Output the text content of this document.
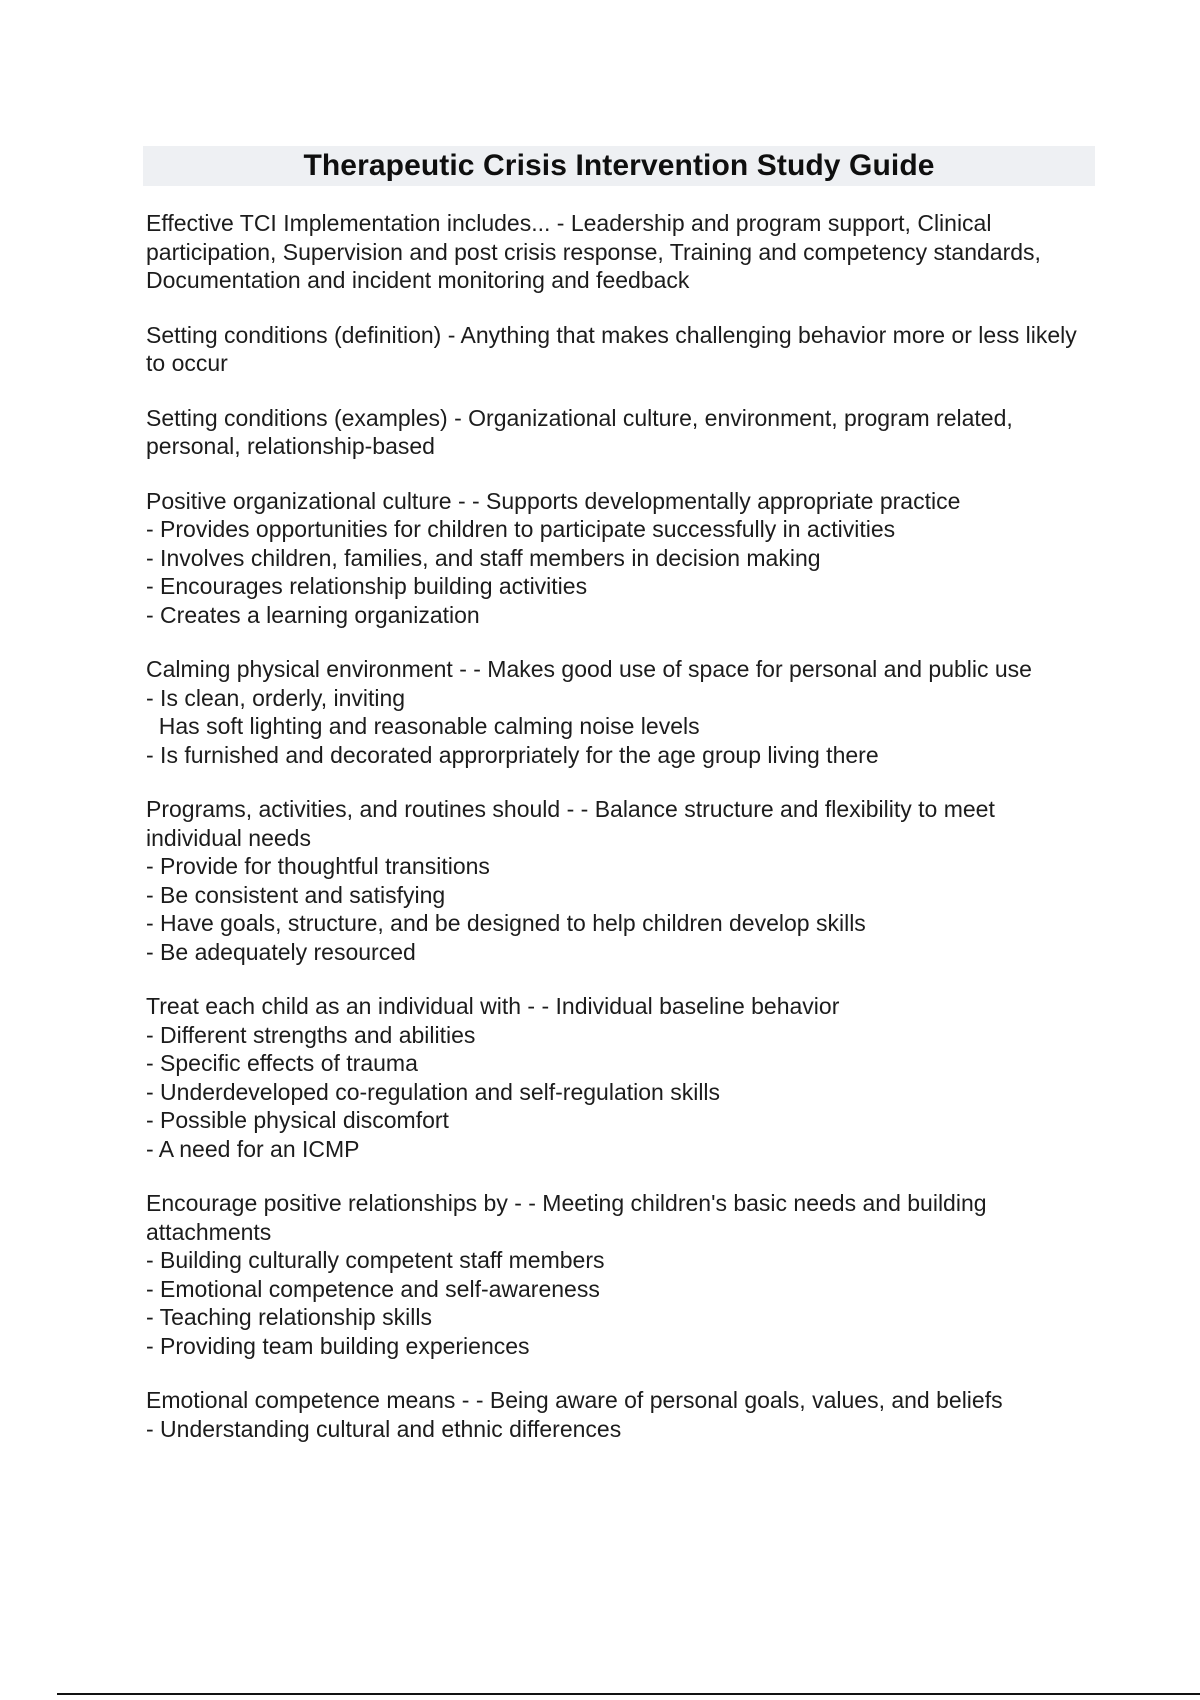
Therapeutic Crisis Intervention Study Guide
Effective TCI Implementation includes... - Leadership and program support, Clinical participation, Supervision and post crisis response, Training and competency standards, Documentation and incident monitoring and feedback
Setting conditions (definition) - Anything that makes challenging behavior more or less likely to occur
Setting conditions (examples) - Organizational culture, environment, program related, personal, relationship-based
Positive organizational culture - - Supports developmentally appropriate practice
- Provides opportunities for children to participate successfully in activities
- Involves children, families, and staff members in decision making
- Encourages relationship building activities
- Creates a learning organization
Calming physical environment - - Makes good use of space for personal and public use
- Is clean, orderly, inviting
Has soft lighting and reasonable calming noise levels
- Is furnished and decorated approrpriately for the age group living there
Programs, activities, and routines should - - Balance structure and flexibility to meet individual needs
- Provide for thoughtful transitions
- Be consistent and satisfying
- Have goals, structure, and be designed to help children develop skills
- Be adequately resourced
Treat each child as an individual with - - Individual baseline behavior
- Different strengths and abilities
- Specific effects of trauma
- Underdeveloped co-regulation and self-regulation skills
- Possible physical discomfort
- A need for an ICMP
Encourage positive relationships by - - Meeting children's basic needs and building attachments
- Building culturally competent staff members
- Emotional competence and self-awareness
- Teaching relationship skills
- Providing team building experiences
Emotional competence means - - Being aware of personal goals, values, and beliefs
- Understanding cultural and ethnic differences
